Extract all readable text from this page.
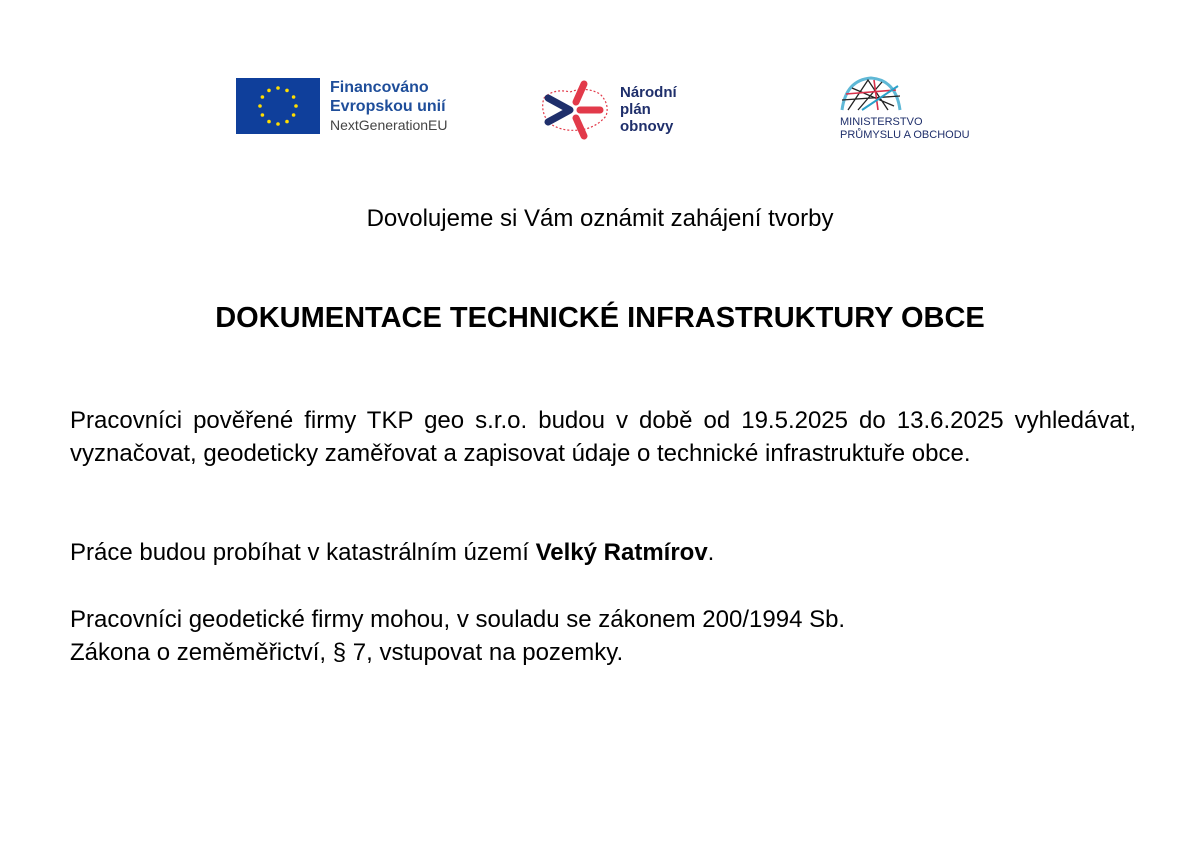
Financováno
Evropskou unií
NextGenerationEU
Národní
plán
obnovy	MINISTERSTVO
PRŮMYSLU A OBCHODU
Dovolujeme si Vám oznámit zahájení tvorby
DOKUMENTACE TECHNICKÉ INFRASTRUKTURY OBCE
Pracovníci pověřené firmy TKP geo s.r.o. budou v době od 19.5.2025 do 13.6.2025 vyhledávat, vyznačovat, geodeticky zaměřovat a zapisovat údaje o technické infrastruktuře obce.
Práce budou probíhat v katastrálním území Velký Ratmírov.
Pracovníci geodetické firmy mohou, v souladu se zákonem 200/1994 Sb.
Zákona o zeměměřictví, § 7, vstupovat na pozemky.
